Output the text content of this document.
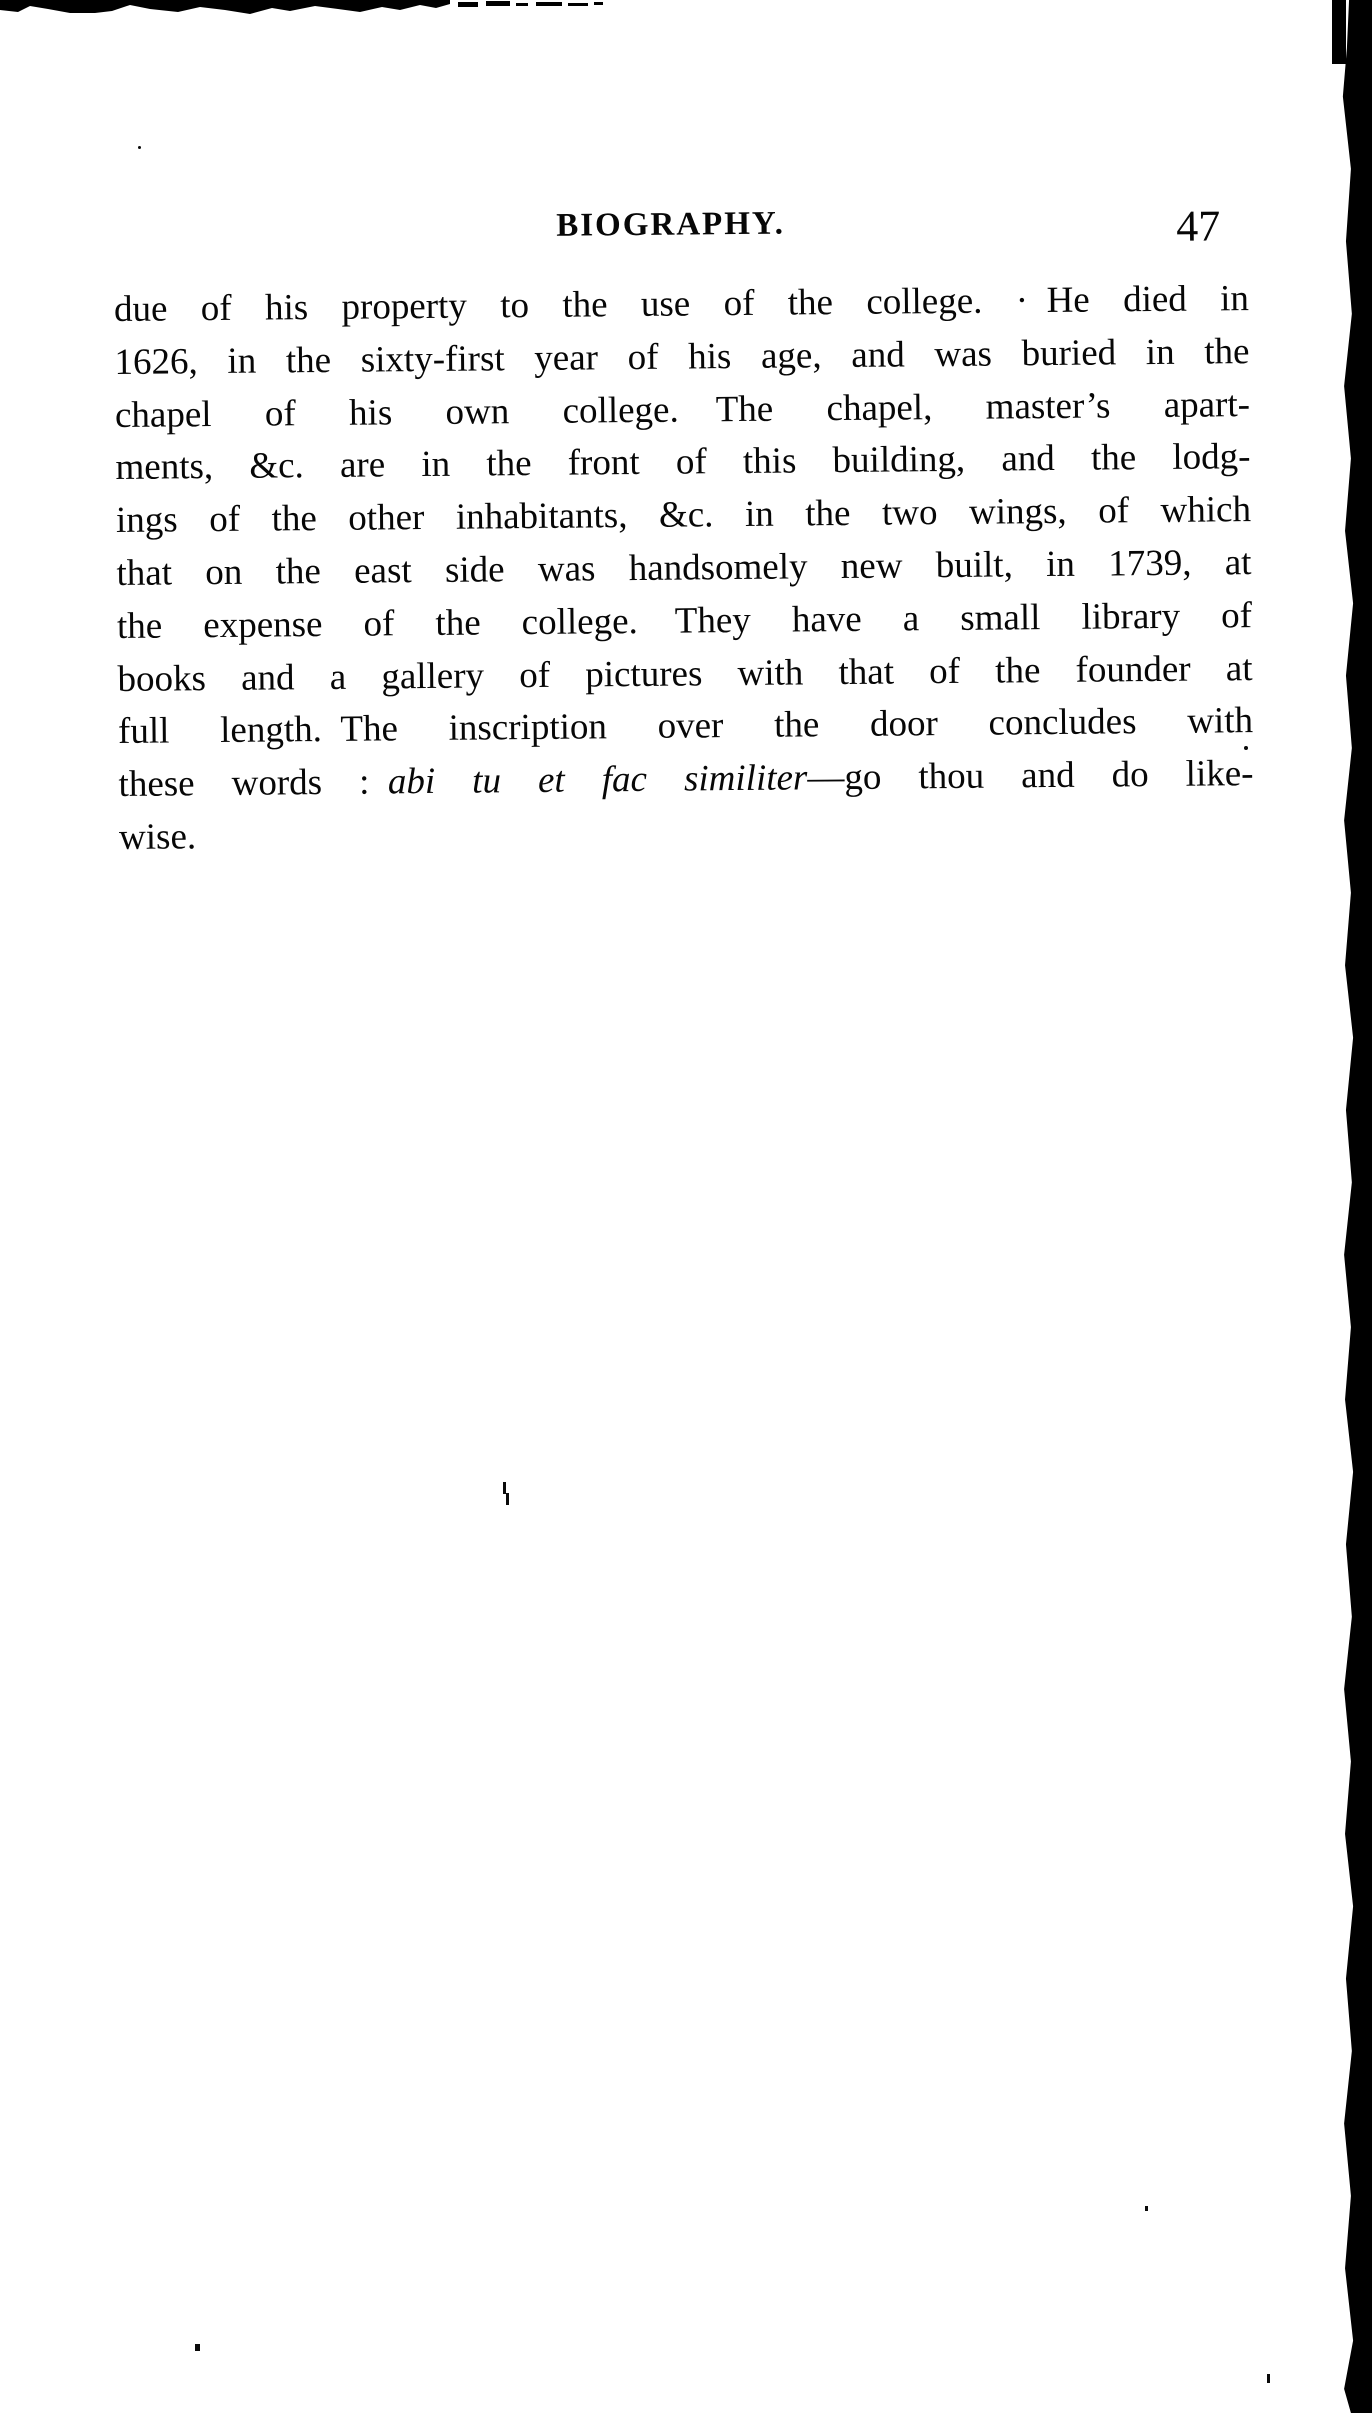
BIOGRAPHY.	47
due of his property to the use of the college. · He died in
1626, in the sixty-first year of his age, and was buried in the
chapel of his own college. The chapel, master’s apart-
ments, &c. are in the front of this building, and the lodg-
ings of the other inhabitants, &c. in the two wings, of which
that on the east side was handsomely new built, in 1739, at
the expense of the college. They have a small library of
books and a gallery of pictures with that of the founder at
full length. The inscription over the door concludes with
these words : abi tu et fac similiter—go thou and do like-
wise.
